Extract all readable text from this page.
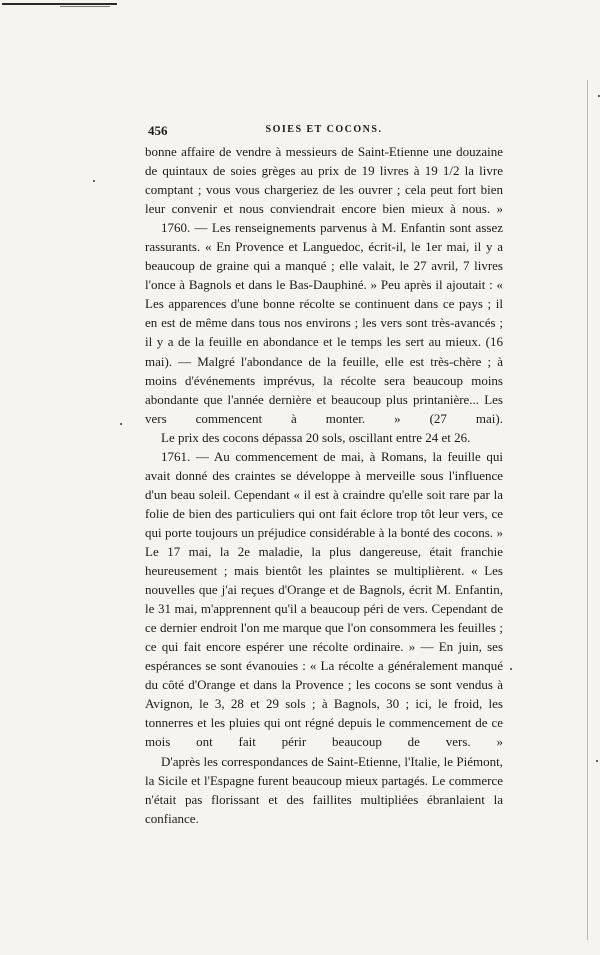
456	SOIES ET COCONS.

bonne affaire de vendre à messieurs de Saint-Etienne une douzaine de quintaux de soies grèges au prix de 19 livres à 19 1/2 la livre comptant ; vous vous chargeriez de les ouvrer ; cela peut fort bien leur convenir et nous conviendrait encore bien mieux à nous. »

1760. — Les renseignements parvenus à M. Enfantin sont assez rassurants. « En Provence et Languedoc, écrit-il, le 1er mai, il y a beaucoup de graine qui a manqué ; elle valait, le 27 avril, 7 livres l'once à Bagnols et dans le Bas-Dauphiné. » Peu après il ajoutait : « Les apparences d'une bonne récolte se continuent dans ce pays ; il en est de même dans tous nos environs ; les vers sont très-avancés ; il y a de la feuille en abondance et le temps les sert au mieux. (16 mai). — Malgré l'abondance de la feuille, elle est très-chère ; à moins d'événements imprévus, la récolte sera beaucoup moins abondante que l'année dernière et beaucoup plus printanière... Les vers commencent à monter. » (27 mai).

Le prix des cocons dépassa 20 sols, oscillant entre 24 et 26.

1761. — Au commencement de mai, à Romans, la feuille qui avait donné des craintes se développe à merveille sous l'influence d'un beau soleil. Cependant « il est à craindre qu'elle soit rare par la folie de bien des particuliers qui ont fait éclore trop tôt leur vers, ce qui porte toujours un préjudice considérable à la bonté des cocons. » Le 17 mai, la 2e maladie, la plus dangereuse, était franchie heureusement ; mais bientôt les plaintes se multiplièrent. « Les nouvelles que j'ai reçues d'Orange et de Bagnols, écrit M. Enfantin, le 31 mai, m'apprennent qu'il a beaucoup péri de vers. Cependant de ce dernier endroit l'on me marque que l'on consommera les feuilles ; ce qui fait encore espérer une récolte ordinaire. » — En juin, ses espérances se sont évanouies : « La récolte a généralement manqué du côté d'Orange et dans la Provence ; les cocons se sont vendus à Avignon, le 3, 28 et 29 sols ; à Bagnols, 30 ; ici, le froid, les tonnerres et les pluies qui ont régné depuis le commencement de ce mois ont fait périr beaucoup de vers. »

D'après les correspondances de Saint-Etienne, l'Italie, le Piémont, la Sicile et l'Espagne furent beaucoup mieux partagés. Le commerce n'était pas florissant et des faillites multipliées ébranlaient la confiance.
